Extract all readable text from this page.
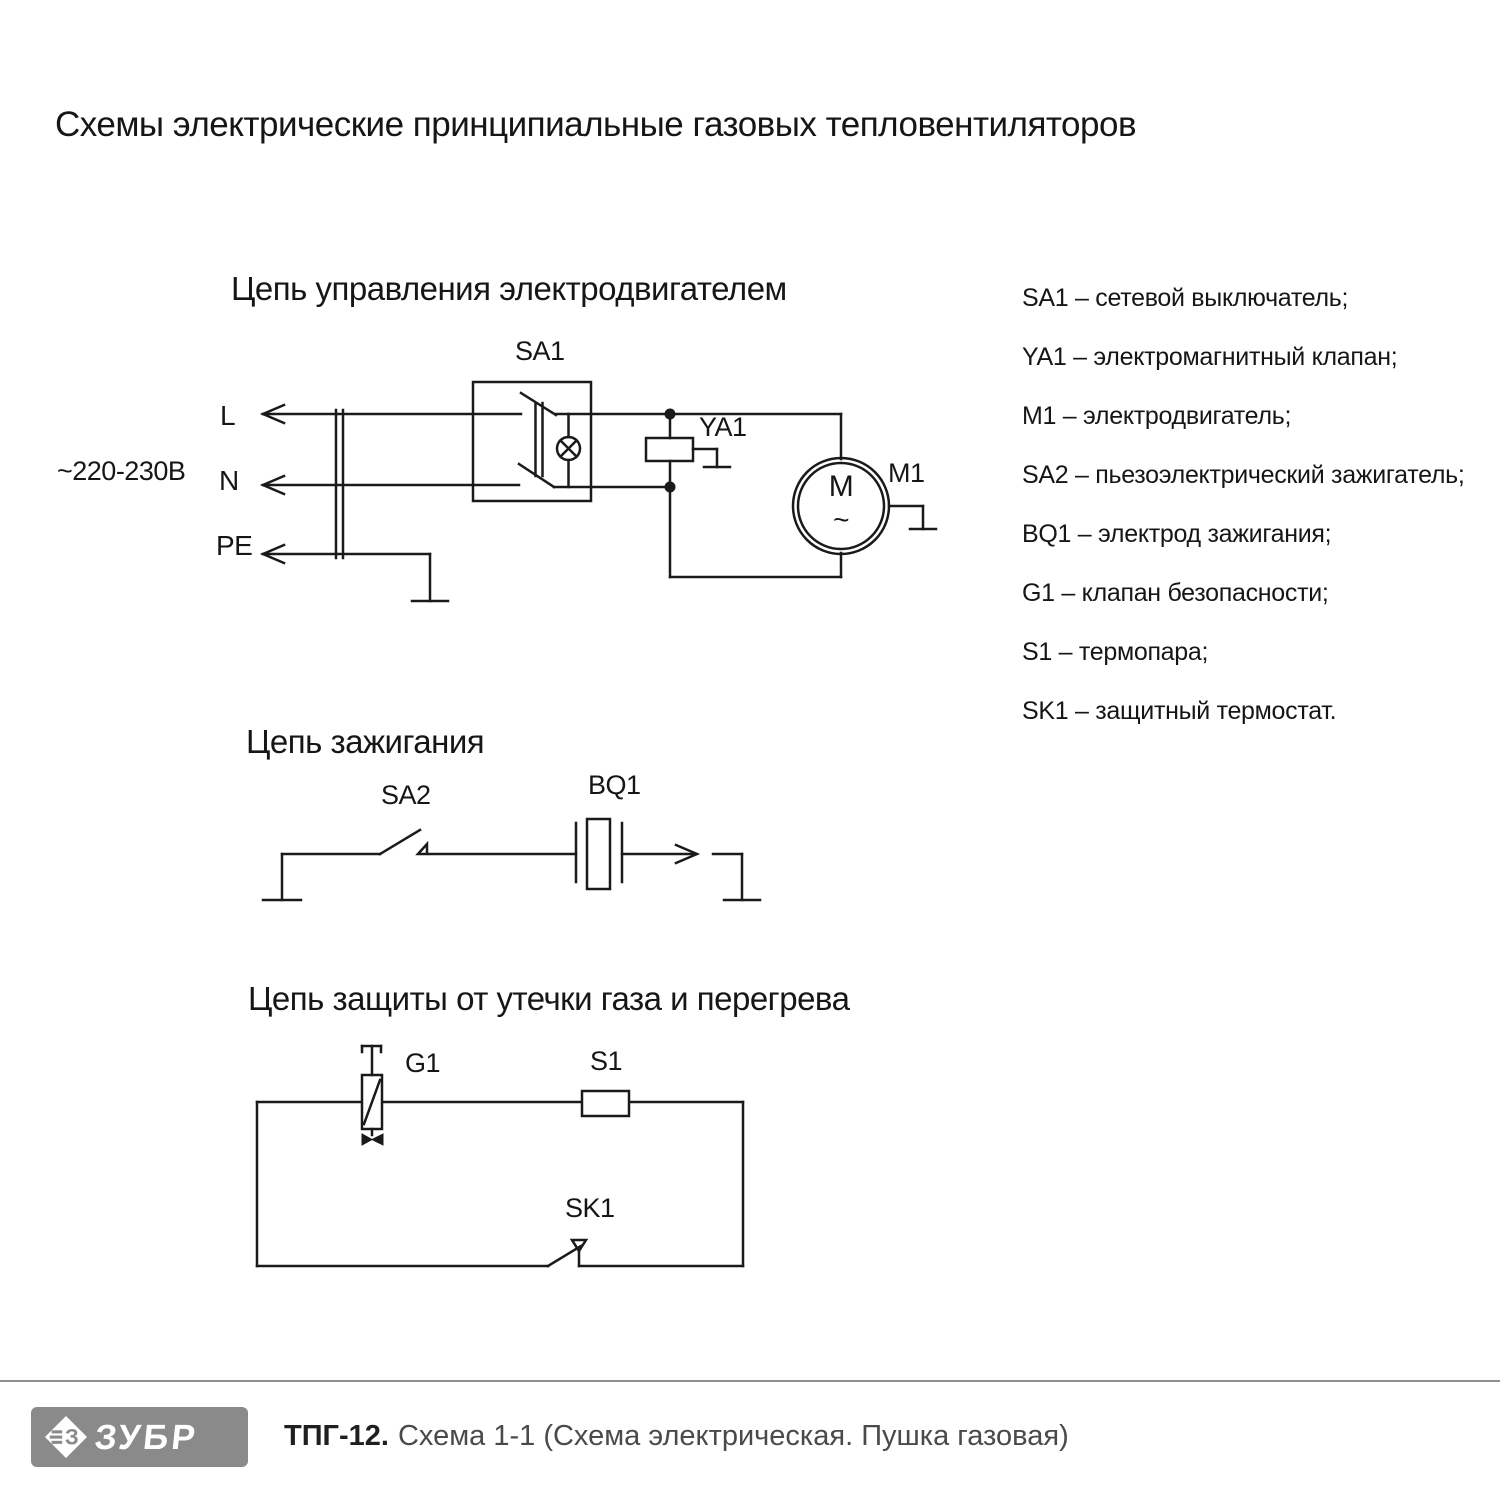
Схемы электрические принципиальные газовых тепловентиляторов
Цепь управления электродвигателем
~220-230В
L
N
PE
SA1
YA1
M1
M
~
Цепь зажигания
SA2	BQ1
Цепь защиты от утечки газа и перегрева
G1	S1
SK1
SA1 – сетевой выключатель;
YA1 – электромагнитный клапан;
M1 – электродвигатель;
SA2 – пьезоэлектрический зажигатель;
BQ1 – электрод зажигания;
G1 – клапан безопасности;
S1 – термопара;
SK1 – защитный термостат.
З ЗУБР	ТПГ-12. Схема 1-1 (Схема электрическая. Пушка газовая)
